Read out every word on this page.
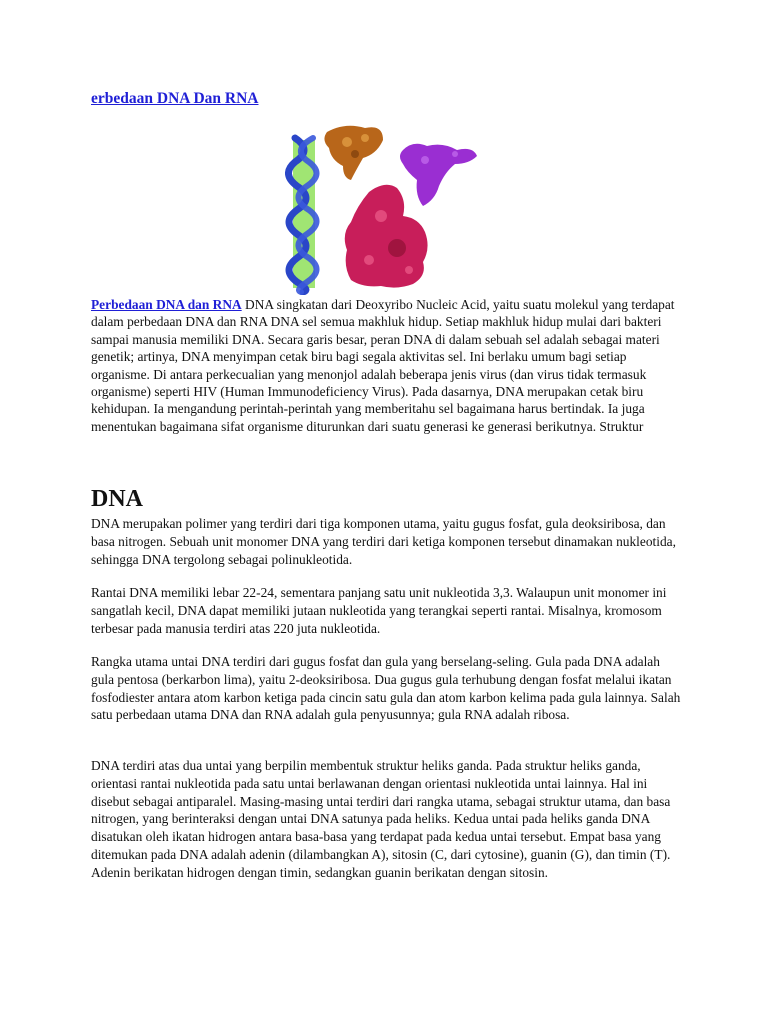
erbedaan DNA Dan RNA

Perbedaan DNA dan RNA DNA singkatan dari Deoxyribo Nucleic Acid, yaitu suatu molekul yang terdapat dalam perbedaan DNA dan RNA DNA sel semua makhluk hidup. Setiap makhluk hidup mulai dari bakteri sampai manusia memiliki DNA. Secara garis besar, peran DNA di dalam sebuah sel adalah sebagai materi genetik; artinya, DNA menyimpan cetak biru bagi segala aktivitas sel. Ini berlaku umum bagi setiap organisme. Di antara perkecualian yang menonjol adalah beberapa jenis virus (dan virus tidak termasuk organisme) seperti HIV (Human Immunodeficiency Virus). Pada dasarnya, DNA merupakan cetak biru kehidupan. Ia mengandung perintah-perintah yang memberitahu sel bagaimana harus bertindak. Ia juga menentukan bagaimana sifat organisme diturunkan dari suatu generasi ke generasi berikutnya. Struktur

DNA

DNA merupakan polimer yang terdiri dari tiga komponen utama, yaitu gugus fosfat, gula deoksiribosa, dan basa nitrogen. Sebuah unit monomer DNA yang terdiri dari ketiga komponen tersebut dinamakan nukleotida, sehingga DNA tergolong sebagai polinukleotida.

Rantai DNA memiliki lebar 22-24, sementara panjang satu unit nukleotida 3,3. Walaupun unit monomer ini sangatlah kecil, DNA dapat memiliki jutaan nukleotida yang terangkai seperti rantai. Misalnya, kromosom terbesar pada manusia terdiri atas 220 juta nukleotida.

Rangka utama untai DNA terdiri dari gugus fosfat dan gula yang berselang-seling. Gula pada DNA adalah gula pentosa (berkarbon lima), yaitu 2-deoksiribosa. Dua gugus gula terhubung dengan fosfat melalui ikatan fosfodiester antara atom karbon ketiga pada cincin satu gula dan atom karbon kelima pada gula lainnya. Salah satu perbedaan utama DNA dan RNA adalah gula penyusunnya; gula RNA adalah ribosa.

DNA terdiri atas dua untai yang berpilin membentuk struktur heliks ganda. Pada struktur heliks ganda, orientasi rantai nukleotida pada satu untai berlawanan dengan orientasi nukleotida untai lainnya. Hal ini disebut sebagai antiparalel. Masing-masing untai terdiri dari rangka utama, sebagai struktur utama, dan basa nitrogen, yang berinteraksi dengan untai DNA satunya pada heliks. Kedua untai pada heliks ganda DNA disatukan oleh ikatan hidrogen antara basa-basa yang terdapat pada kedua untai tersebut. Empat basa yang ditemukan pada DNA adalah adenin (dilambangkan A), sitosin (C, dari cytosine), guanin (G), dan timin (T). Adenin berikatan hidrogen dengan timin, sedangkan guanin berikatan dengan sitosin.
